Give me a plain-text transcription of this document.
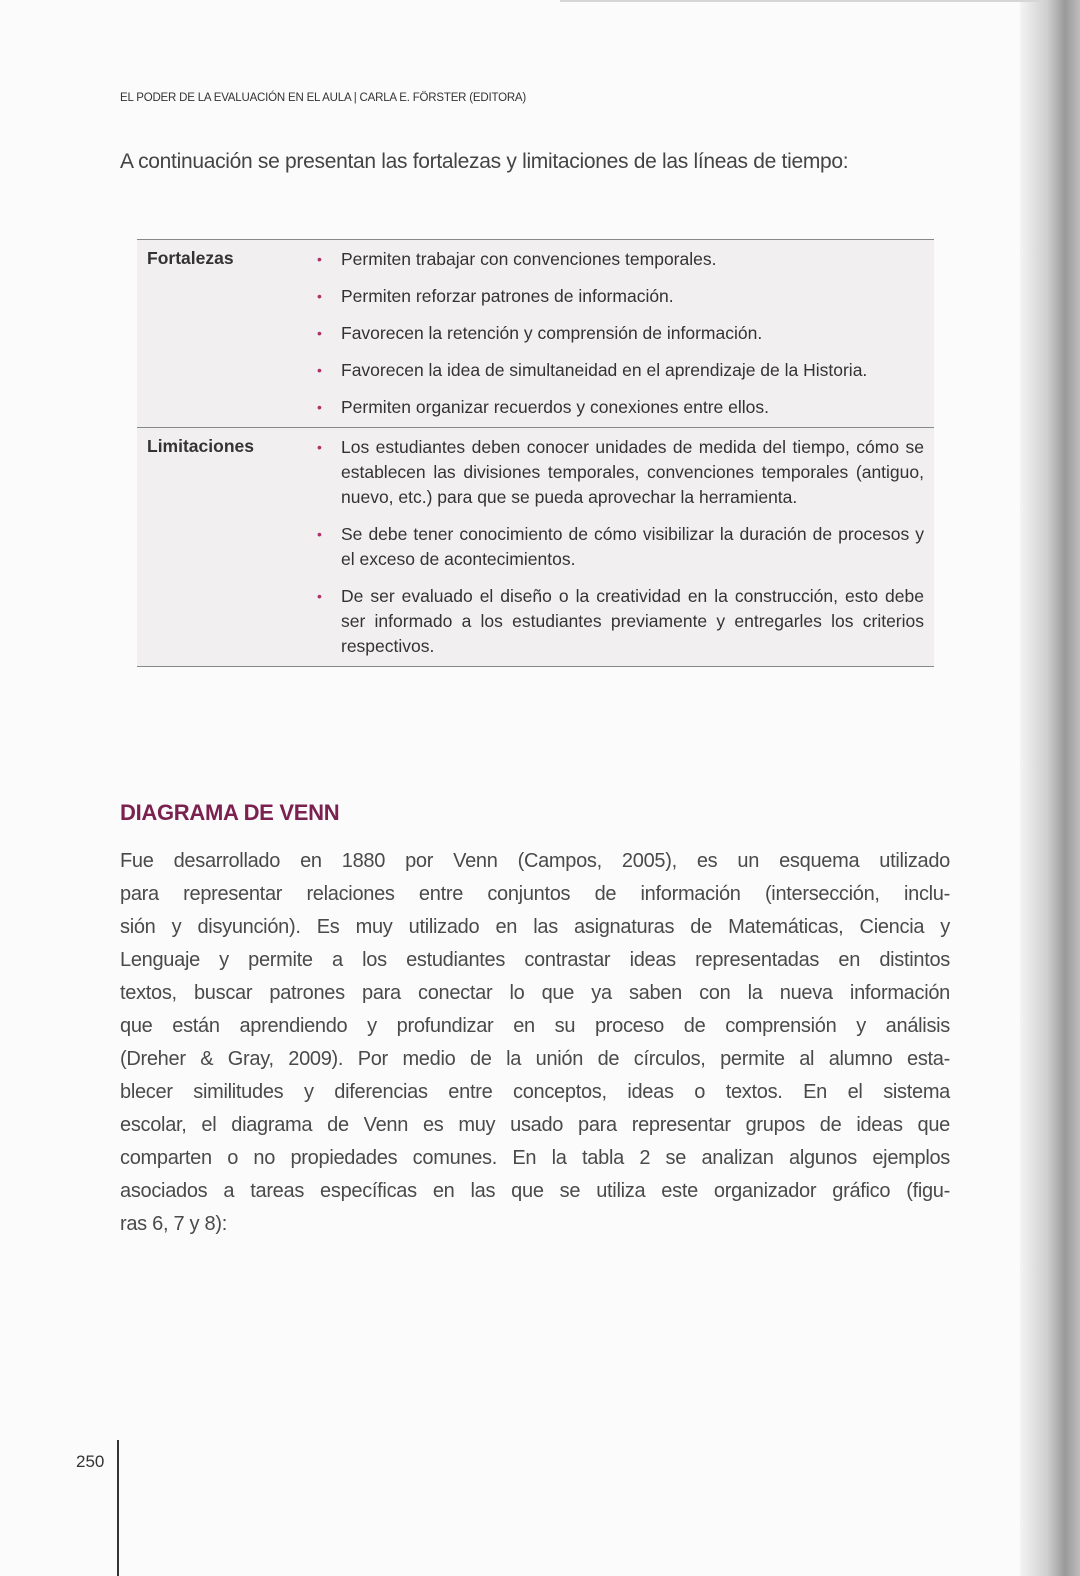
EL PODER DE LA EVALUACIÓN EN EL AULA | CARLA E. FÖRSTER (EDITORA)
A continuación se presentan las fortalezas y limitaciones de las líneas de tiempo:
Fortalezas	•	Permiten trabajar con convenciones temporales.
•	Permiten reforzar patrones de información.
•	Favorecen la retención y comprensión de información.
•	Favorecen la idea de simultaneidad en el aprendizaje de la Historia.
•	Permiten organizar recuerdos y conexiones entre ellos.
Limitaciones	•	Los estudiantes deben conocer unidades de medida del tiempo, cómo se establecen las divisiones temporales, convenciones temporales (antiguo, nuevo, etc.) para que se pueda aprovechar la herramienta.
•	Se debe tener conocimiento de cómo visibilizar la duración de procesos y el exceso de acontecimientos.
•	De ser evaluado el diseño o la creatividad en la construcción, esto debe ser informado a los estudiantes previamente y entregarles los criterios respectivos.
DIAGRAMA DE VENN
Fue desarrollado en 1880 por Venn (Campos, 2005), es un esquema utilizado
para representar relaciones entre conjuntos de información (intersección, inclu-
sión y disyunción). Es muy utilizado en las asignaturas de Matemáticas, Ciencia y
Lenguaje y permite a los estudiantes contrastar ideas representadas en distintos
textos, buscar patrones para conectar lo que ya saben con la nueva información
que están aprendiendo y profundizar en su proceso de comprensión y análisis
(Dreher & Gray, 2009). Por medio de la unión de círculos, permite al alumno esta-
blecer similitudes y diferencias entre conceptos, ideas o textos. En el sistema
escolar, el diagrama de Venn es muy usado para representar grupos de ideas que
comparten o no propiedades comunes. En la tabla 2 se analizan algunos ejemplos
asociados a tareas específicas en las que se utiliza este organizador gráfico (figu-
ras 6, 7 y 8):
250
